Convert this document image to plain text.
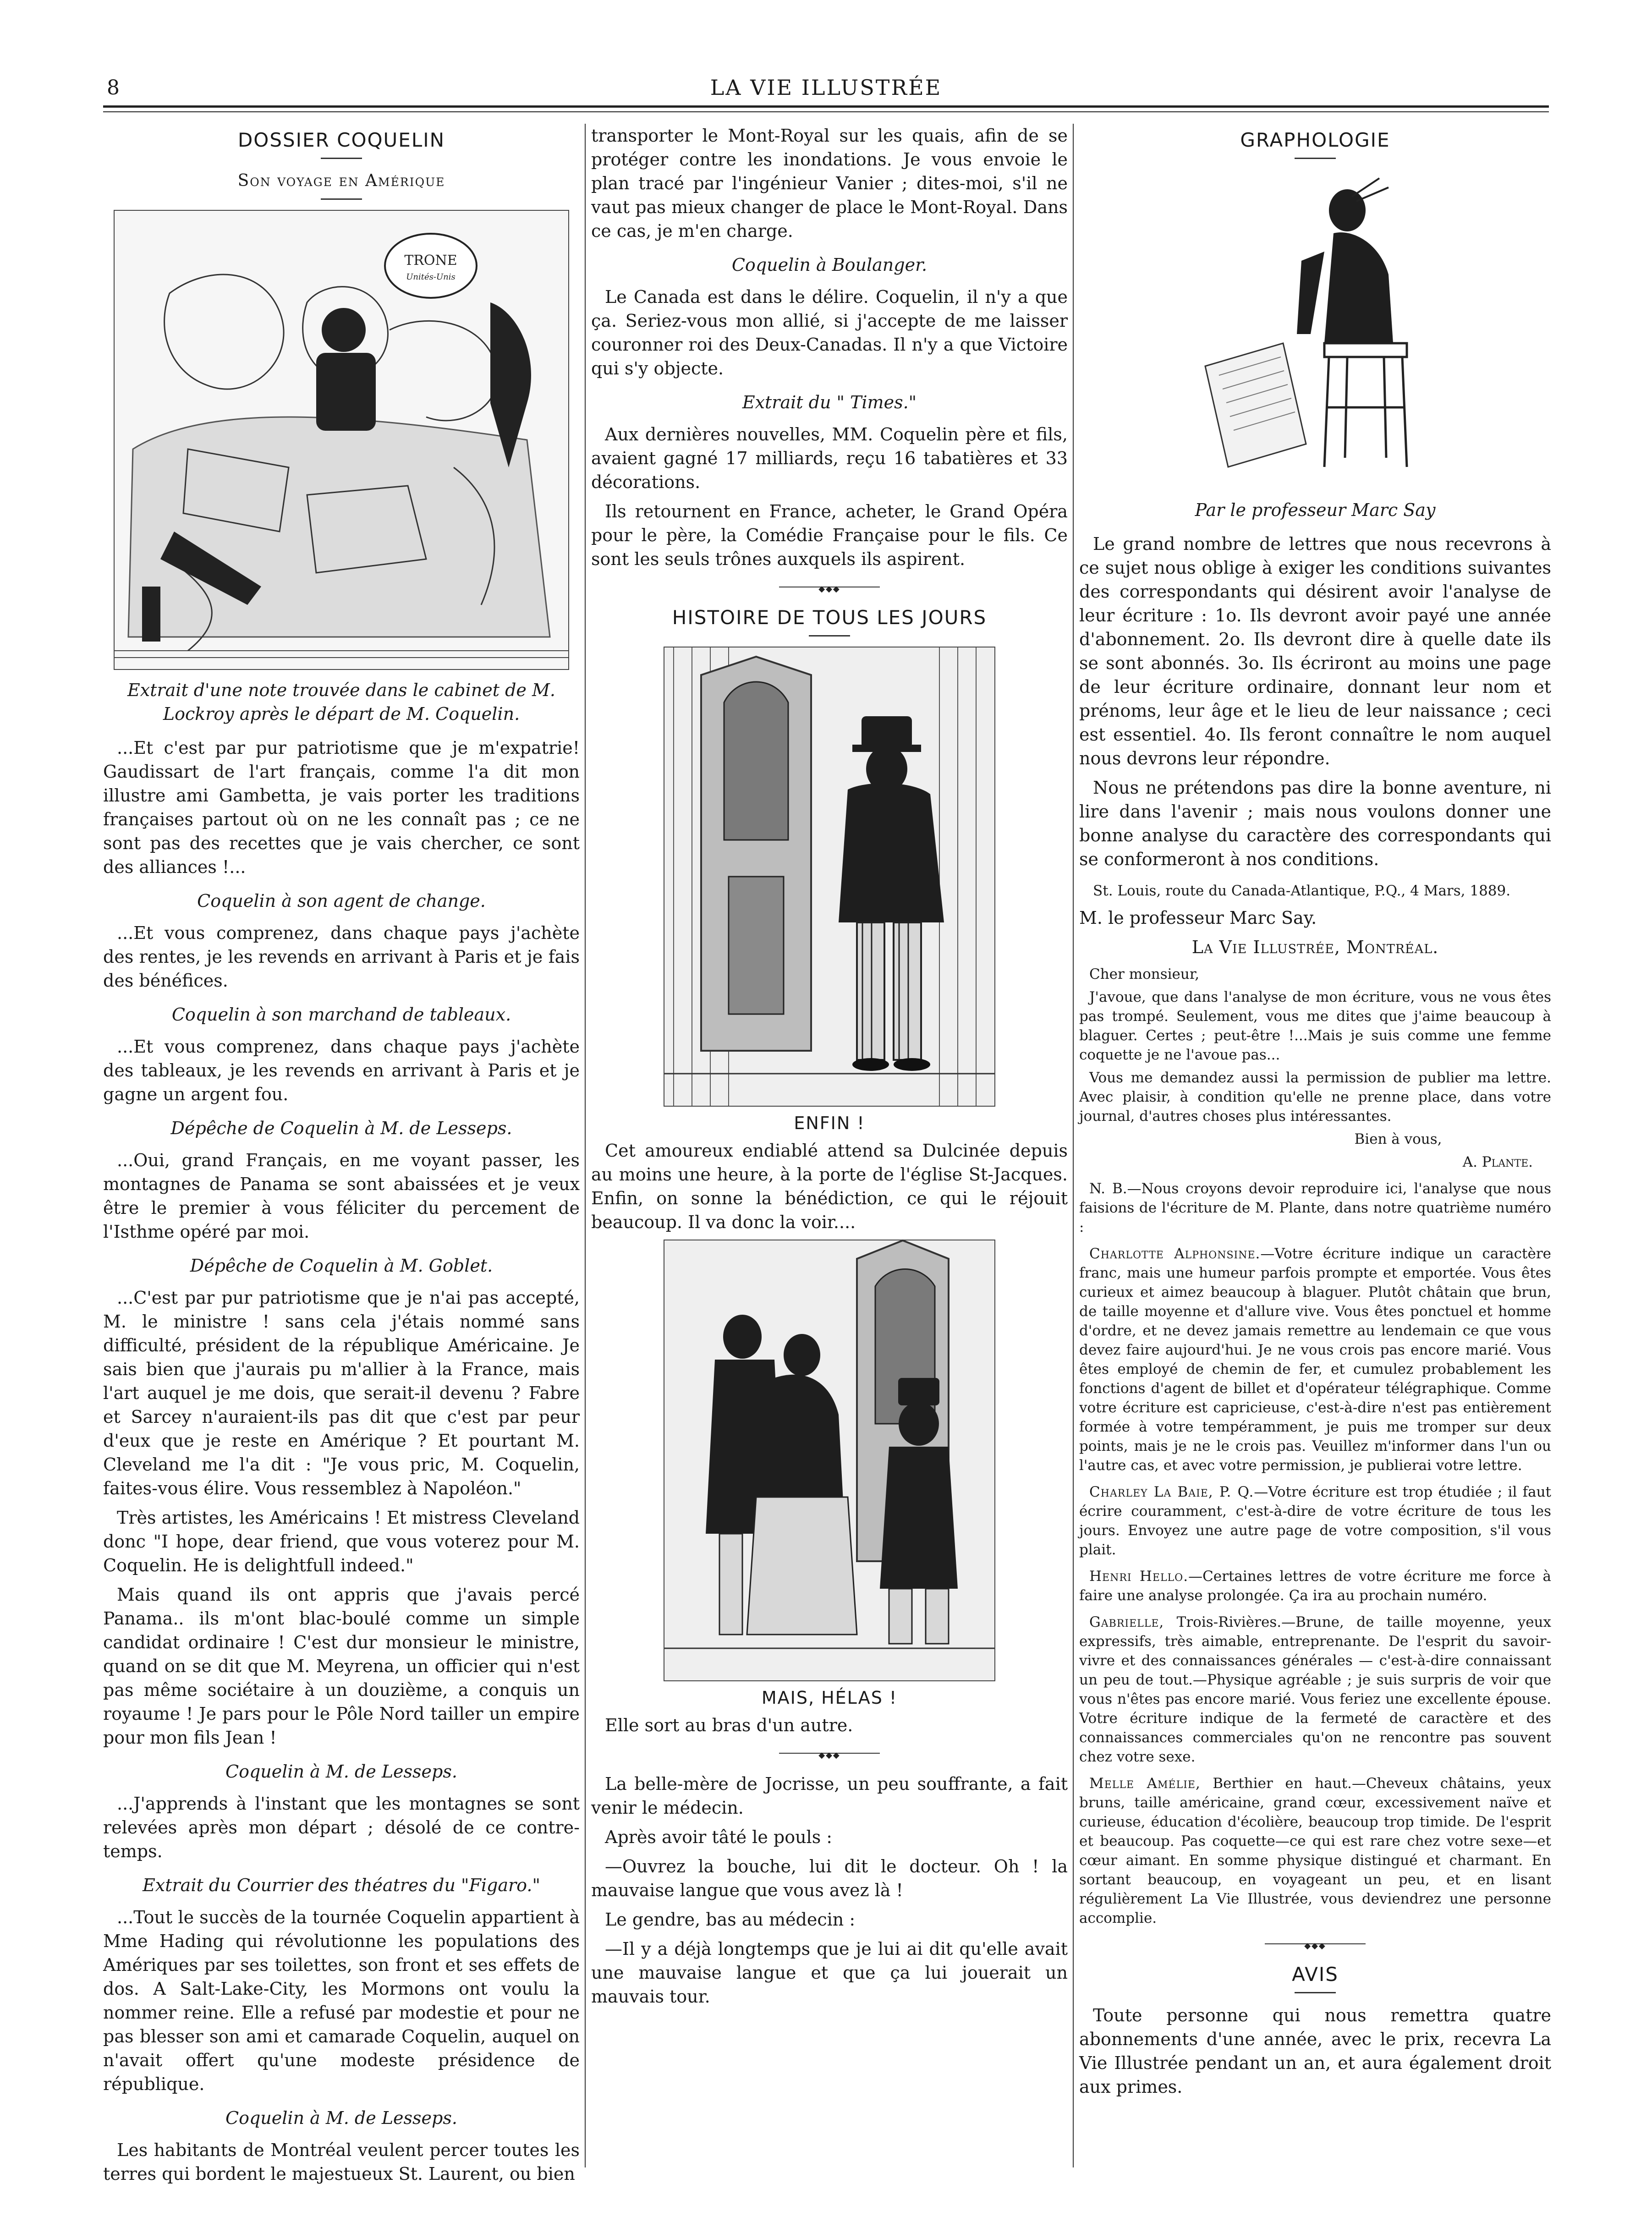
8	LA VIE ILLUSTRÉE
DOSSIER COQUELIN
Son voyage en Amérique
TRONE
Unités-Unis

Extrait d'une note trouvée dans le cabinet de M. Lockroy après le départ de M. Coquelin.

...Et c'est par pur patriotisme que je m'expatrie! Gaudissart de l'art français, comme l'a dit mon illustre ami Gambetta, je vais porter les traditions françaises partout où on ne les connaît pas ; ce ne sont pas des recettes que je vais chercher, ce sont des alliances !...

Coquelin à son agent de change.

...Et vous comprenez, dans chaque pays j'achète des rentes, je les revends en arrivant à Paris et je fais des bénéfices.

Coquelin à son marchand de tableaux.

...Et vous comprenez, dans chaque pays j'achète des tableaux, je les revends en arrivant à Paris et je gagne un argent fou.

Dépêche de Coquelin à M. de Lesseps.

...Oui, grand Français, en me voyant passer, les montagnes de Panama se sont abaissées et je veux être le premier à vous féliciter du percement de l'Isthme opéré par moi.

Dépêche de Coquelin à M. Goblet.

...C'est par pur patriotisme que je n'ai pas accepté, M. le ministre ! sans cela j'étais nommé sans difficulté, président de la république Américaine. Je sais bien que j'aurais pu m'allier à la France, mais l'art auquel je me dois, que serait-il devenu ? Fabre et Sarcey n'auraient-ils pas dit que c'est par peur d'eux que je reste en Amérique ? Et pourtant M. Cleveland me l'a dit : "Je vous pric, M. Coquelin, faites-vous élire. Vous ressemblez à Napoléon."

Très artistes, les Américains ! Et mistress Cleveland donc "I hope, dear friend, que vous voterez pour M. Coquelin. He is delightfull indeed."

Mais quand ils ont appris que j'avais percé Panama.. ils m'ont blac-boulé comme un simple candidat ordinaire ! C'est dur monsieur le ministre, quand on se dit que M. Meyrena, un officier qui n'est pas même sociétaire à un douzième, a conquis un royaume ! Je pars pour le Pôle Nord tailler un empire pour mon fils Jean !

Coquelin à M. de Lesseps.

...J'apprends à l'instant que les montagnes se sont relevées après mon départ ; désolé de ce contre-temps.

Extrait du Courrier des théatres du "Figaro."

...Tout le succès de la tournée Coquelin appartient à Mme Hading qui révolutionne les populations des Amériques par ses toilettes, son front et ses effets de dos. A Salt-Lake-City, les Mormons ont voulu la nommer reine. Elle a refusé par modestie et pour ne pas blesser son ami et camarade Coquelin, auquel on n'avait offert qu'une modeste présidence de république.

Coquelin à M. de Lesseps.

Les habitants de Montréal veulent percer toutes les terres qui bordent le majestueux St. Laurent, ou bien

transporter le Mont-Royal sur les quais, afin de se protéger contre les inondations. Je vous envoie le plan tracé par l'ingénieur Vanier ; dites-moi, s'il ne vaut pas mieux changer de place le Mont-Royal. Dans ce cas, je m'en charge.

Coquelin à Boulanger.

Le Canada est dans le délire. Coquelin, il n'y a que ça. Seriez-vous mon allié, si j'accepte de me laisser couronner roi des Deux-Canadas. Il n'y a que Victoire qui s'y objecte.

Extrait du " Times."

Aux dernières nouvelles, MM. Coquelin père et fils, avaient gagné 17 milliards, reçu 16 tabatières et 33 décorations.

Ils retournent en France, acheter, le Grand Opéra pour le père, la Comédie Française pour le fils. Ce sont les seuls trônes auxquels ils aspirent.

◆◆◆
HISTOIRE DE TOUS LES JOURS
ENFIN !

Cet amoureux endiablé attend sa Dulcinée depuis au moins une heure, à la porte de l'église St-Jacques. Enfin, on sonne la bénédiction, ce qui le réjouit beaucoup. Il va donc la voir....

MAIS, HÉLAS !

Elle sort au bras d'un autre.

◆◆◆

La belle-mère de Jocrisse, un peu souffrante, a fait venir le médecin.

Après avoir tâté le pouls :

—Ouvrez la bouche, lui dit le docteur. Oh ! la mauvaise langue que vous avez là !

Le gendre, bas au médecin :

—Il y a déjà longtemps que je lui ai dit qu'elle avait une mauvaise langue et que ça lui jouerait un mauvais tour.

GRAPHOLOGIE

Par le professeur Marc Say

Le grand nombre de lettres que nous recevrons à ce sujet nous oblige à exiger les conditions suivantes des correspondants qui désirent avoir l'analyse de leur écriture : 1o. Ils devront avoir payé une année d'abonnement. 2o. Ils devront dire à quelle date ils se sont abonnés. 3o. Ils écriront au moins une page de leur écriture ordinaire, donnant leur nom et prénoms, leur âge et le lieu de leur naissance ; ceci est essentiel. 4o. Ils feront connaître le nom auquel nous devrons leur répondre.

Nous ne prétendons pas dire la bonne aventure, ni lire dans l'avenir ; mais nous voulons donner une bonne analyse du caractère des correspondants qui se conformeront à nos conditions.

St. Louis, route du Canada-Atlantique, P.Q., 4 Mars, 1889.

M. le professeur Marc Say.

La Vie Illustrée, Montréal.

Cher monsieur,

J'avoue, que dans l'analyse de mon écriture, vous ne vous êtes pas trompé. Seulement, vous me dites que j'aime beaucoup à blaguer. Certes ; peut-être !...Mais je suis comme une femme coquette je ne l'avoue pas...

Vous me demandez aussi la permission de publier ma lettre. Avec plaisir, à condition qu'elle ne prenne place, dans votre journal, d'autres choses plus intéressantes.

Bien à vous,

A. Plante.

N. B.—Nous croyons devoir reproduire ici, l'analyse que nous faisions de l'écriture de M. Plante, dans notre quatrième numéro :

Charlotte Alphonsine.—Votre écriture indique un caractère franc, mais une humeur parfois prompte et emportée. Vous êtes curieux et aimez beaucoup à blaguer. Plutôt châtain que brun, de taille moyenne et d'allure vive. Vous êtes ponctuel et homme d'ordre, et ne devez jamais remettre au lendemain ce que vous devez faire aujourd'hui. Je ne vous crois pas encore marié. Vous êtes employé de chemin de fer, et cumulez probablement les fonctions d'agent de billet et d'opérateur télégraphique. Comme votre écriture est capricieuse, c'est-à-dire n'est pas entièrement formée à votre tempéramment, je puis me tromper sur deux points, mais je ne le crois pas. Veuillez m'informer dans l'un ou l'autre cas, et avec votre permission, je publierai votre lettre.

Charley La Baie, P. Q.—Votre écriture est trop étudiée ; il faut écrire couramment, c'est-à-dire de votre écriture de tous les jours. Envoyez une autre page de votre composition, s'il vous plait.

Henri Hello.—Certaines lettres de votre écriture me force à faire une analyse prolongée. Ça ira au prochain numéro.

Gabrielle, Trois-Rivières.—Brune, de taille moyenne, yeux expressifs, très aimable, entreprenante. De l'esprit du savoir-vivre et des connaissances générales — c'est-à-dire connaissant un peu de tout.—Physique agréable ; je suis surpris de voir que vous n'êtes pas encore marié. Vous feriez une excellente épouse. Votre écriture indique de la fermeté de caractère et des connaissances commerciales qu'on ne rencontre pas souvent chez votre sexe.

Melle Amélie, Berthier en haut.—Cheveux châtains, yeux bruns, taille américaine, grand cœur, excessivement naïve et curieuse, éducation d'écolière, beaucoup trop timide. De l'esprit et beaucoup. Pas coquette—ce qui est rare chez votre sexe—et cœur aimant. En somme physique distingué et charmant. En sortant beaucoup, en voyageant un peu, et en lisant régulièrement La Vie Illustrée, vous deviendrez une personne accomplie.

◆◆◆
AVIS

Toute personne qui nous remettra quatre abonnements d'une année, avec le prix, recevra La Vie Illustrée pendant un an, et aura également droit aux primes.
